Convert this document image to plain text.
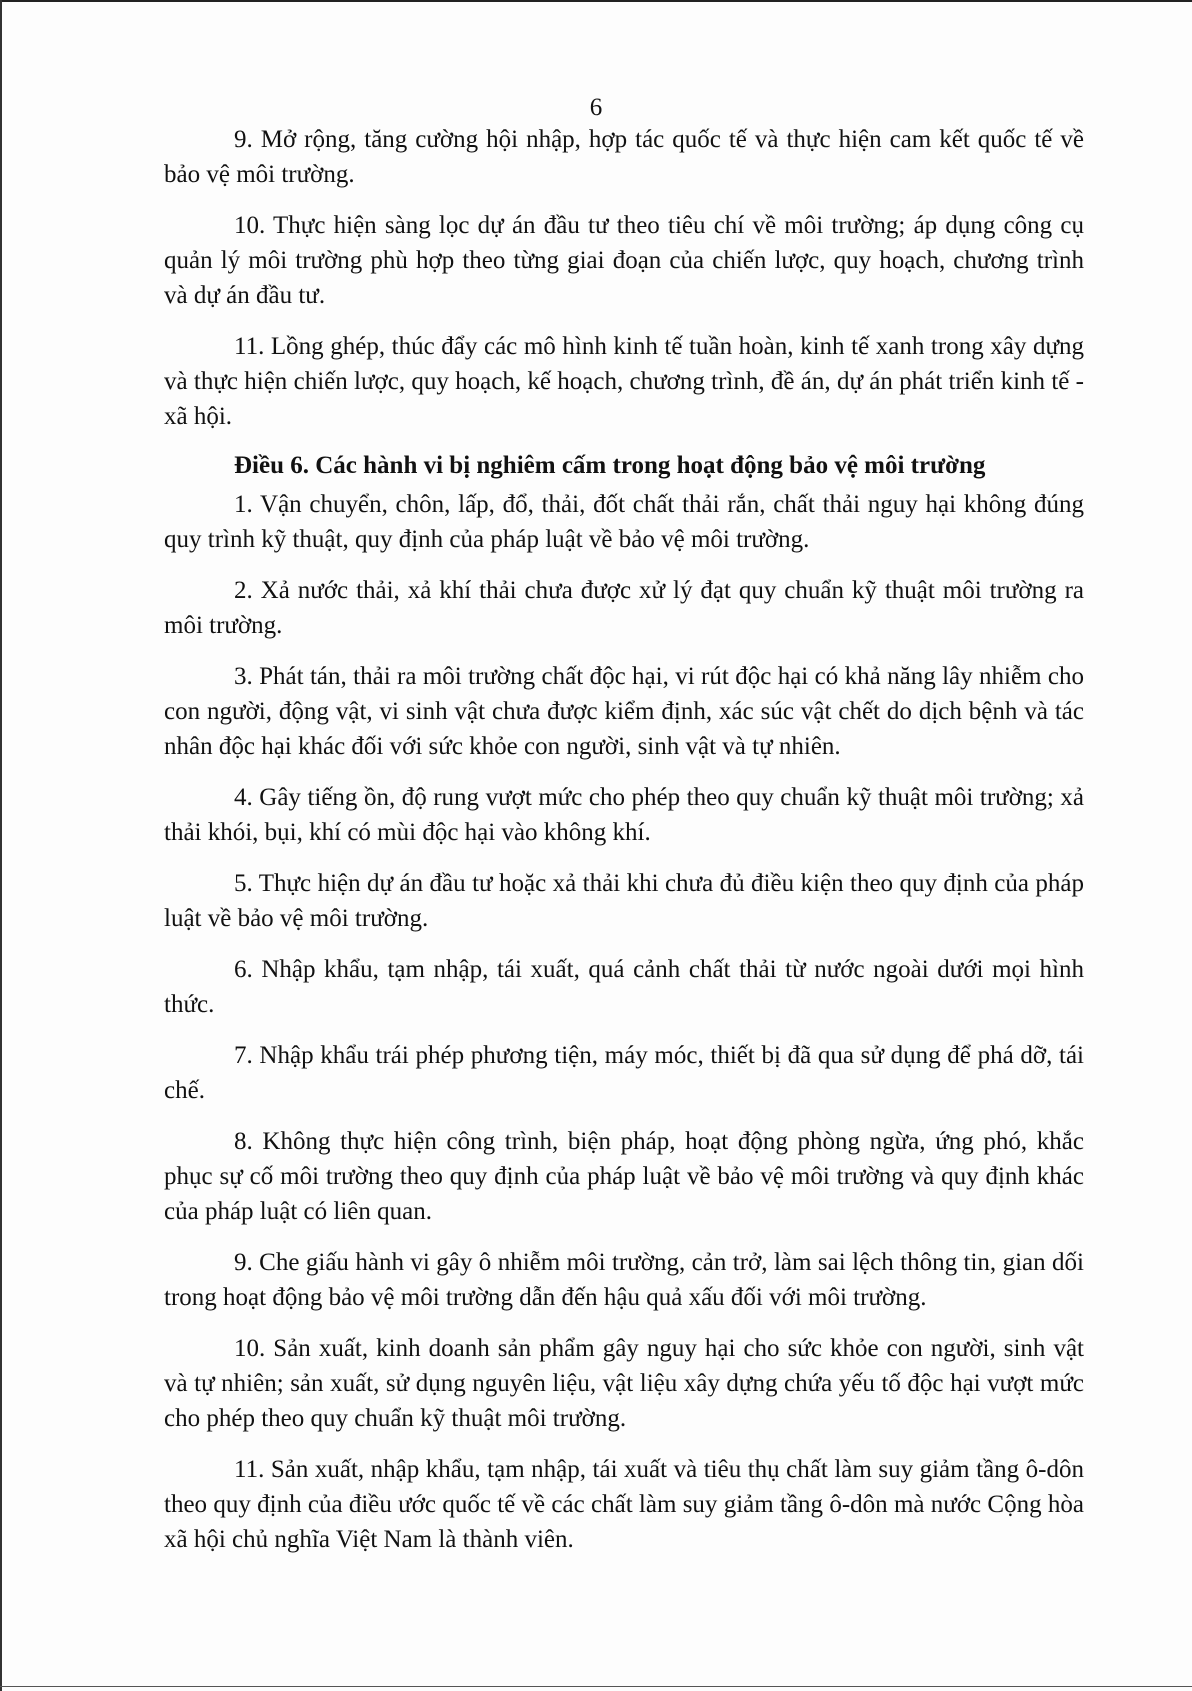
6

9. Mở rộng, tăng cường hội nhập, hợp tác quốc tế và thực hiện cam kết quốc tế về bảo vệ môi trường.

10. Thực hiện sàng lọc dự án đầu tư theo tiêu chí về môi trường; áp dụng công cụ quản lý môi trường phù hợp theo từng giai đoạn của chiến lược, quy hoạch, chương trình và dự án đầu tư.

11. Lồng ghép, thúc đẩy các mô hình kinh tế tuần hoàn, kinh tế xanh trong xây dựng và thực hiện chiến lược, quy hoạch, kế hoạch, chương trình, đề án, dự án phát triển kinh tế - xã hội.

Điều 6. Các hành vi bị nghiêm cấm trong hoạt động bảo vệ môi trường

1. Vận chuyển, chôn, lấp, đổ, thải, đốt chất thải rắn, chất thải nguy hại không đúng quy trình kỹ thuật, quy định của pháp luật về bảo vệ môi trường.

2. Xả nước thải, xả khí thải chưa được xử lý đạt quy chuẩn kỹ thuật môi trường ra môi trường.

3. Phát tán, thải ra môi trường chất độc hại, vi rút độc hại có khả năng lây nhiễm cho con người, động vật, vi sinh vật chưa được kiểm định, xác súc vật chết do dịch bệnh và tác nhân độc hại khác đối với sức khỏe con người, sinh vật và tự nhiên.

4. Gây tiếng ồn, độ rung vượt mức cho phép theo quy chuẩn kỹ thuật môi trường; xả thải khói, bụi, khí có mùi độc hại vào không khí.

5. Thực hiện dự án đầu tư hoặc xả thải khi chưa đủ điều kiện theo quy định của pháp luật về bảo vệ môi trường.

6. Nhập khẩu, tạm nhập, tái xuất, quá cảnh chất thải từ nước ngoài dưới mọi hình thức.

7. Nhập khẩu trái phép phương tiện, máy móc, thiết bị đã qua sử dụng để phá dỡ, tái chế.

8. Không thực hiện công trình, biện pháp, hoạt động phòng ngừa, ứng phó, khắc phục sự cố môi trường theo quy định của pháp luật về bảo vệ môi trường và quy định khác của pháp luật có liên quan.

9. Che giấu hành vi gây ô nhiễm môi trường, cản trở, làm sai lệch thông tin, gian dối trong hoạt động bảo vệ môi trường dẫn đến hậu quả xấu đối với môi trường.

10. Sản xuất, kinh doanh sản phẩm gây nguy hại cho sức khỏe con người, sinh vật và tự nhiên; sản xuất, sử dụng nguyên liệu, vật liệu xây dựng chứa yếu tố độc hại vượt mức cho phép theo quy chuẩn kỹ thuật môi trường.

11. Sản xuất, nhập khẩu, tạm nhập, tái xuất và tiêu thụ chất làm suy giảm tầng ô-dôn theo quy định của điều ước quốc tế về các chất làm suy giảm tầng ô-dôn mà nước Cộng hòa xã hội chủ nghĩa Việt Nam là thành viên.
